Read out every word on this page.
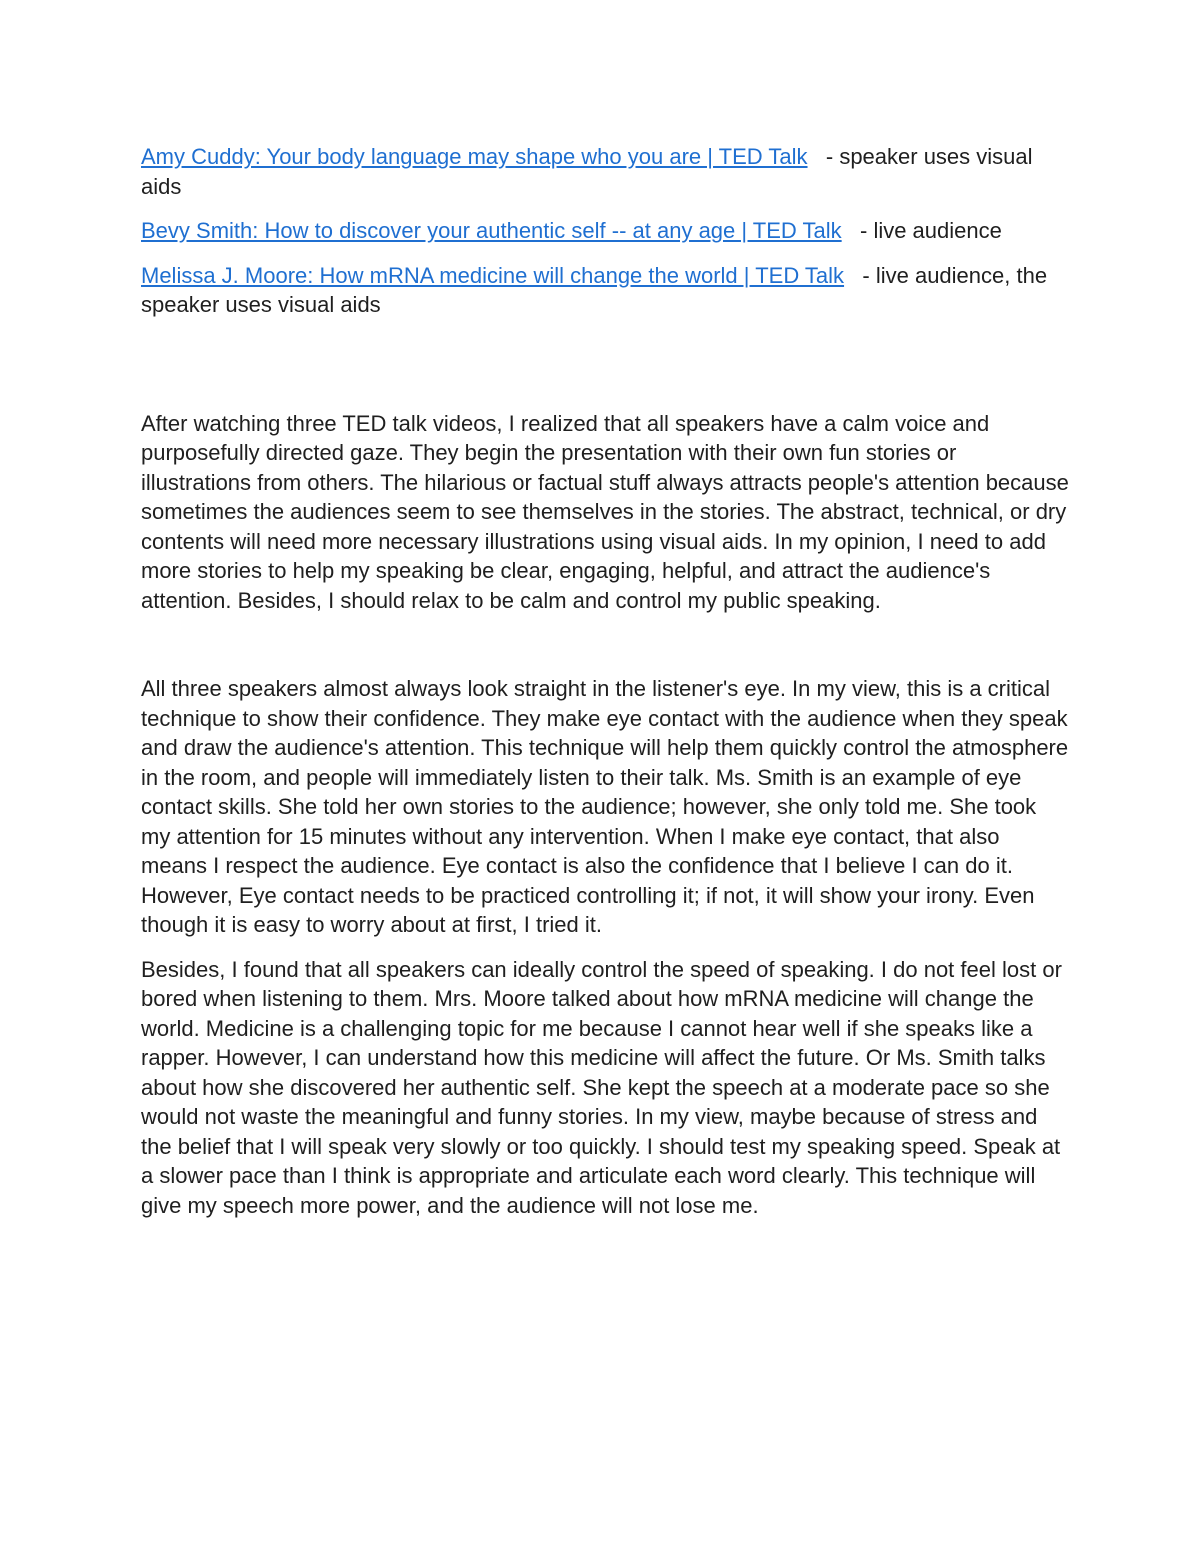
Amy Cuddy: Your body language may shape who you are | TED Talk - speaker uses visual aids

Bevy Smith: How to discover your authentic self -- at any age | TED Talk - live audience

Melissa J. Moore: How mRNA medicine will change the world | TED Talk - live audience, the speaker uses visual aids

After watching three TED talk videos, I realized that all speakers have a calm voice and purposefully directed gaze. They begin the presentation with their own fun stories or illustrations from others. The hilarious or factual stuff always attracts people's attention because sometimes the audiences seem to see themselves in the stories. The abstract, technical, or dry contents will need more necessary illustrations using visual aids. In my opinion, I need to add more stories to help my speaking be clear, engaging, helpful, and attract the audience's attention. Besides, I should relax to be calm and control my public speaking.

All three speakers almost always look straight in the listener's eye. In my view, this is a critical technique to show their confidence. They make eye contact with the audience when they speak and draw the audience's attention. This technique will help them quickly control the atmosphere in the room, and people will immediately listen to their talk. Ms. Smith is an example of eye contact skills. She told her own stories to the audience; however, she only told me. She took my attention for 15 minutes without any intervention. When I make eye contact, that also means I respect the audience. Eye contact is also the confidence that I believe I can do it. However, Eye contact needs to be practiced controlling it; if not, it will show your irony. Even though it is easy to worry about at first, I tried it.

Besides, I found that all speakers can ideally control the speed of speaking. I do not feel lost or bored when listening to them. Mrs. Moore talked about how mRNA medicine will change the world. Medicine is a challenging topic for me because I cannot hear well if she speaks like a rapper. However, I can understand how this medicine will affect the future. Or Ms. Smith talks about how she discovered her authentic self. She kept the speech at a moderate pace so she would not waste the meaningful and funny stories. In my view, maybe because of stress and the belief that I will speak very slowly or too quickly. I should test my speaking speed. Speak at a slower pace than I think is appropriate and articulate each word clearly. This technique will give my speech more power, and the audience will not lose me.
